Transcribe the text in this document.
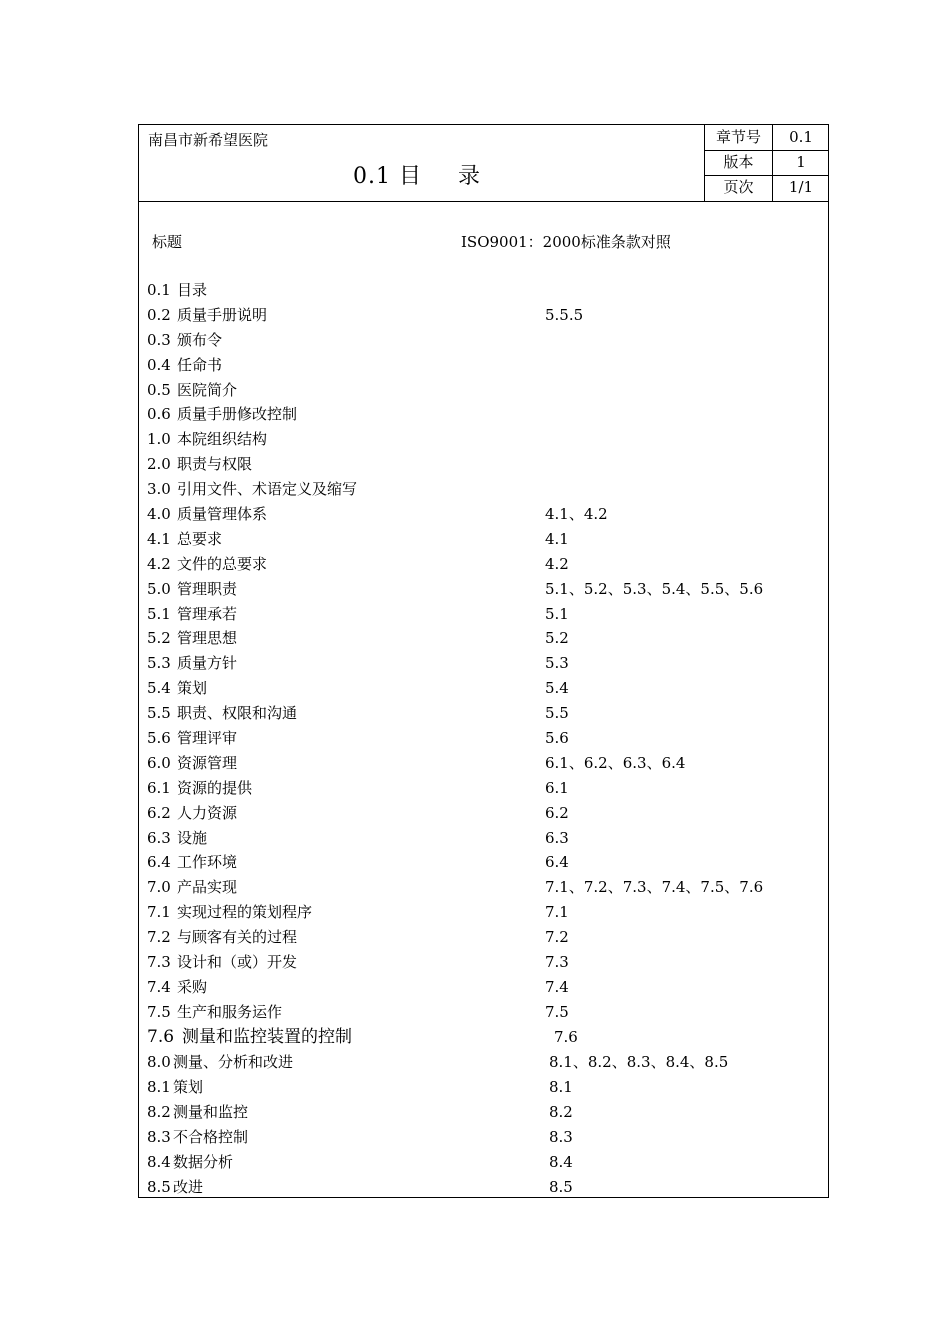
南昌市新希望医院
0.1 目 录
章节号	0.1
版本	1
页次	1/1
标题	ISO9001：2000标准条款对照
0.1 目录
0.2 质量手册说明	5.5.5
0.3 颁布令
0.4 任命书
0.5 医院简介
0.6 质量手册修改控制
1.0 本院组织结构
2.0 职责与权限
3.0 引用文件、术语定义及缩写
4.0 质量管理体系	4.1、4.2
4.1 总要求	4.1
4.2 文件的总要求	4.2
5.0 管理职责	5.1、5.2、5.3、5.4、5.5、5.6
5.1 管理承若	5.1
5.2 管理思想	5.2
5.3 质量方针	5.3
5.4 策划	5.4
5.5 职责、权限和沟通	5.5
5.6 管理评审	5.6
6.0 资源管理	6.1、6.2、6.3、6.4
6.1 资源的提供	6.1
6.2 人力资源	6.2
6.3 设施	6.3
6.4 工作环境	6.4
7.0 产品实现	7.1、7.2、7.3、7.4、7.5、7.6
7.1 实现过程的策划程序	7.1
7.2 与顾客有关的过程	7.2
7.3 设计和（或）开发	7.3
7.4 采购	7.4
7.5 生产和服务运作	7.5
7.6 测量和监控装置的控制	7.6
8.0 测量、分析和改进	8.1、8.2、8.3、8.4、8.5
8.1 策划	8.1
8.2 测量和监控	8.2
8.3 不合格控制	8.3
8.4 数据分析	8.4
8.5 改进	8.5
